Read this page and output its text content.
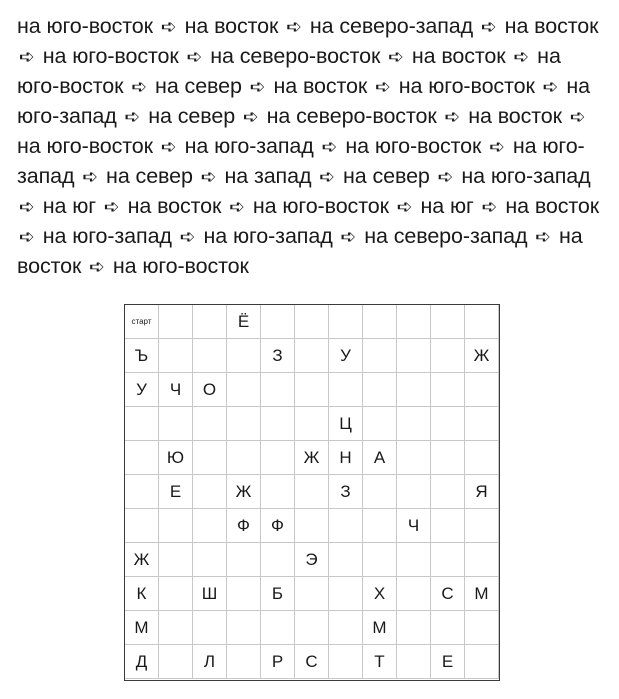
на юго-восток ➪ на восток ➪ на северо-запад ➪ на восток ➪ на юго-восток ➪ на северо-восток ➪ на восток ➪ на юго-восток ➪ на север ➪ на восток ➪ на юго-восток ➪ на юго-запад ➪ на север ➪ на северо-восток ➪ на восток ➪ на юго-восток ➪ на юго-запад ➪ на юго-восток ➪ на юго-запад ➪ на север ➪ на запад ➪ на север ➪ на юго-запад ➪ на юг ➪ на восток ➪ на юго-восток ➪ на юг ➪ на восток ➪ на юго-запад ➪ на юго-запад ➪ на северо-запад ➪ на восток ➪ на юго-восток
старт			Ё							
Ъ				З		У				Ж
У	Ч	О								
						Ц				
	Ю				Ж	Н	А			
	Е		Ж			З				Я
			Ф	Ф				Ч		
Ж					Э					
К		Ш		Б			Х		С	М
М							М			
Д		Л		Р	С		Т		Е	
